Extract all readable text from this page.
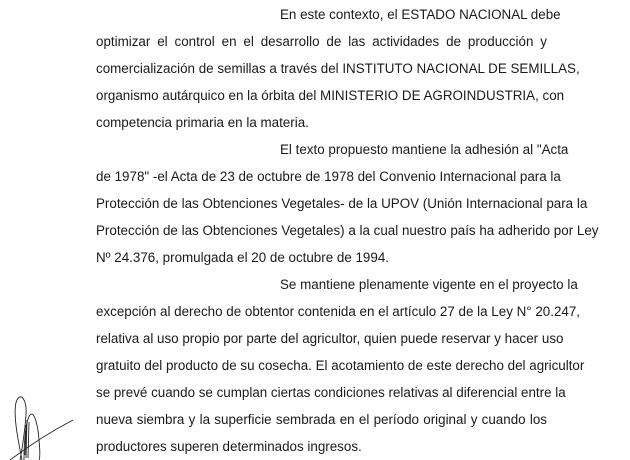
En este contexto, el ESTADO NACIONAL debe
optimizar el control en el desarrollo de las actividades de producción y
comercialización de semillas a través del INSTITUTO NACIONAL DE SEMILLAS,
organismo autárquico en la órbita del MINISTERIO DE AGROINDUSTRIA, con
competencia primaria en la materia.
El texto propuesto mantiene la adhesión al "Acta
de 1978" -el Acta de 23 de octubre de 1978 del Convenio Internacional para la
Protección de las Obtenciones Vegetales- de la UPOV (Unión Internacional para la
Protección de las Obtenciones Vegetales) a la cual nuestro país ha adherido por Ley
Nº 24.376, promulgada el 20 de octubre de 1994.
Se mantiene plenamente vigente en el proyecto la
excepción al derecho de obtentor contenida en el artículo 27 de la Ley N° 20.247,
relativa al uso propio por parte del agricultor, quien puede reservar y hacer uso
gratuito del producto de su cosecha. El acotamiento de este derecho del agricultor
se prevé cuando se cumplan ciertas condiciones relativas al diferencial entre la
nueva siembra y la superficie sembrada en el período original y cuando los
productores superen determinados ingresos.
